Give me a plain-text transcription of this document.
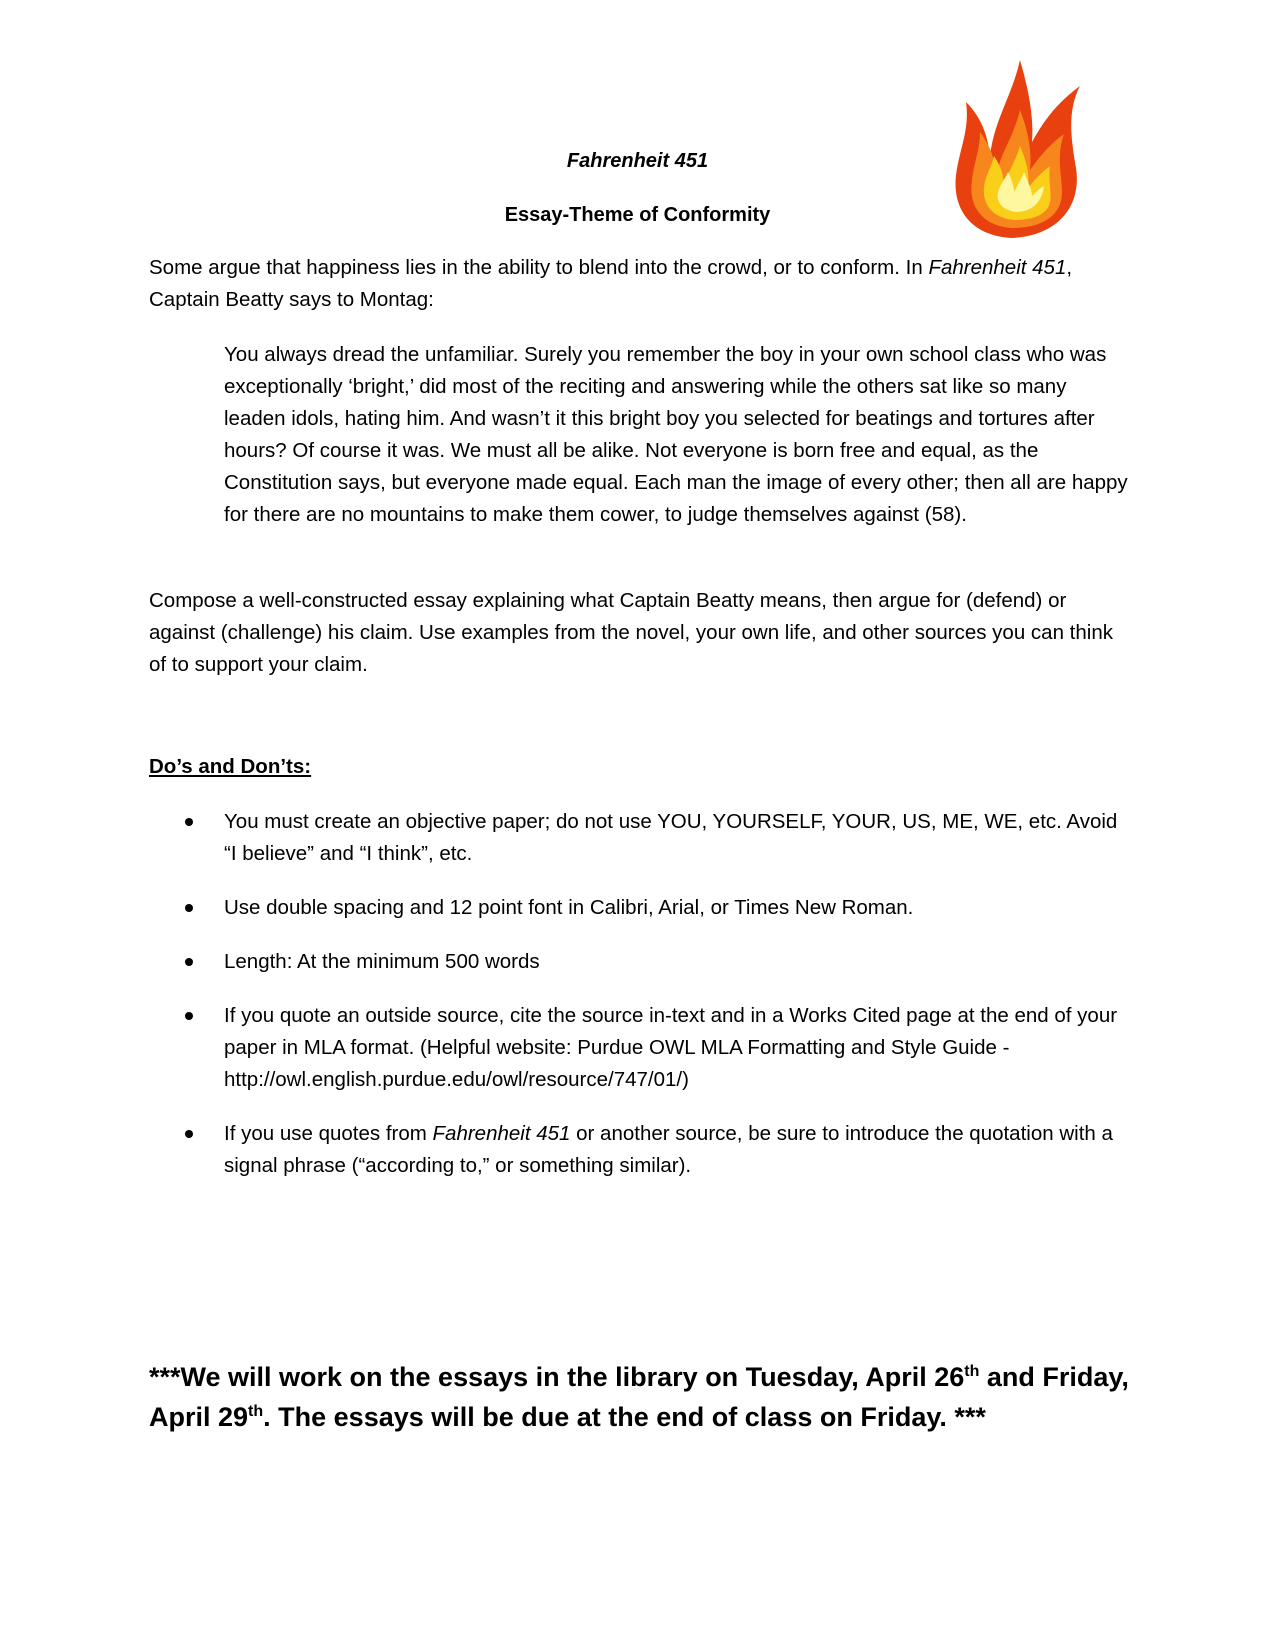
Fahrenheit 451
Essay-Theme of Conformity
Some argue that happiness lies in the ability to blend into the crowd, or to conform. In Fahrenheit 451, Captain Beatty says to Montag:
You always dread the unfamiliar. Surely you remember the boy in your own school class who was exceptionally ‘bright,’ did most of the reciting and answering while the others sat like so many leaden idols, hating him. And wasn’t it this bright boy you selected for beatings and tortures after hours? Of course it was. We must all be alike. Not everyone is born free and equal, as the Constitution says, but everyone made equal. Each man the image of every other; then all are happy for there are no mountains to make them cower, to judge themselves against (58).
Compose a well-constructed essay explaining what Captain Beatty means, then argue for (defend) or against (challenge) his claim. Use examples from the novel, your own life, and other sources you can think of to support your claim.
Do’s and Don’ts:
You must create an objective paper; do not use YOU, YOURSELF, YOUR, US, ME, WE, etc. Avoid “I believe” and “I think”, etc.
Use double spacing and 12 point font in Calibri, Arial, or Times New Roman.
Length: At the minimum 500 words
If you quote an outside source, cite the source in-text and in a Works Cited page at the end of your paper in MLA format. (Helpful website: Purdue OWL MLA Formatting and Style Guide - http://owl.english.purdue.edu/owl/resource/747/01/)
If you use quotes from Fahrenheit 451 or another source, be sure to introduce the quotation with a signal phrase (“according to,” or something similar).
***We will work on the essays in the library on Tuesday, April 26th and Friday, April 29th. The essays will be due at the end of class on Friday. ***
